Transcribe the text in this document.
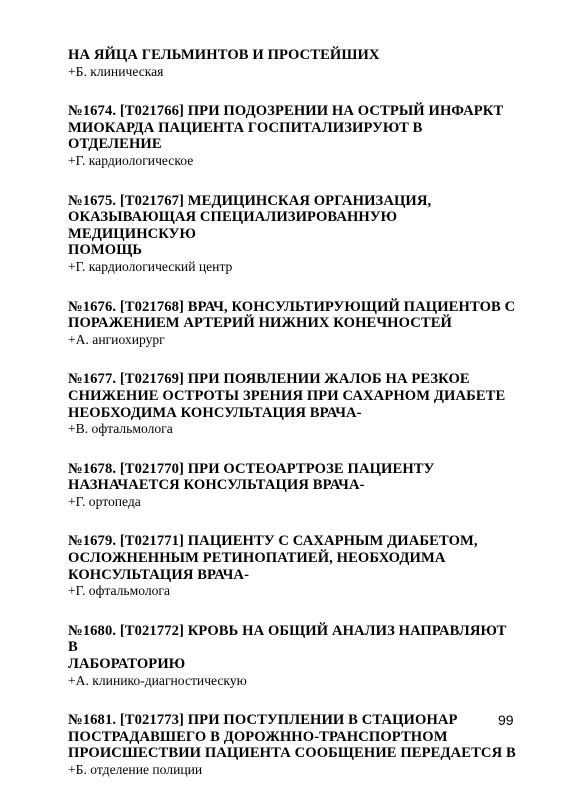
НА ЯЙЦА ГЕЛЬМИНТОВ И ПРОСТЕЙШИХ
+Б. клиническая
№1674. [Т021766] ПРИ ПОДОЗРЕНИИ НА ОСТРЫЙ ИНФАРКТ
МИОКАРДА ПАЦИЕНТА ГОСПИТАЛИЗИРУЮТ В ОТДЕЛЕНИЕ
+Г. кардиологическое
№1675. [Т021767] МЕДИЦИНСКАЯ ОРГАНИЗАЦИЯ,
ОКАЗЫВАЮЩАЯ СПЕЦИАЛИЗИРОВАННУЮ МЕДИЦИНСКУЮ
ПОМОЩЬ
+Г. кардиологический центр
№1676. [Т021768] ВРАЧ, КОНСУЛЬТИРУЮЩИЙ ПАЦИЕНТОВ С
ПОРАЖЕНИЕМ АРТЕРИЙ НИЖНИХ КОНЕЧНОСТЕЙ
+А. ангиохирург
№1677. [Т021769] ПРИ ПОЯВЛЕНИИ ЖАЛОБ НА РЕЗКОЕ
СНИЖЕНИЕ ОСТРОТЫ ЗРЕНИЯ ПРИ САХАРНОМ ДИАБЕТЕ
НЕОБХОДИМА КОНСУЛЬТАЦИЯ ВРАЧА-
+В. офтальмолога
№1678. [Т021770] ПРИ ОСТЕОАРТРОЗЕ ПАЦИЕНТУ
НАЗНАЧАЕТСЯ КОНСУЛЬТАЦИЯ ВРАЧА-
+Г. ортопеда
№1679. [Т021771] ПАЦИЕНТУ С САХАРНЫМ ДИАБЕТОМ,
ОСЛОЖНЕННЫМ РЕТИНОПАТИЕЙ, НЕОБХОДИМА
КОНСУЛЬТАЦИЯ ВРАЧА-
+Г. офтальмолога
№1680. [Т021772] КРОВЬ НА ОБЩИЙ АНАЛИЗ НАПРАВЛЯЮТ В
ЛАБОРАТОРИЮ
+А. клинико-диагностическую
№1681. [Т021773] ПРИ ПОСТУПЛЕНИИ В СТАЦИОНАР
ПОСТРАДАВШЕГО В ДОРОЖННО-ТРАНСПОРТНОМ
ПРОИСШЕСТВИИ ПАЦИЕНТА СООБЩЕНИЕ ПЕРЕДАЕТСЯ В
+Б. отделение полиции
99
